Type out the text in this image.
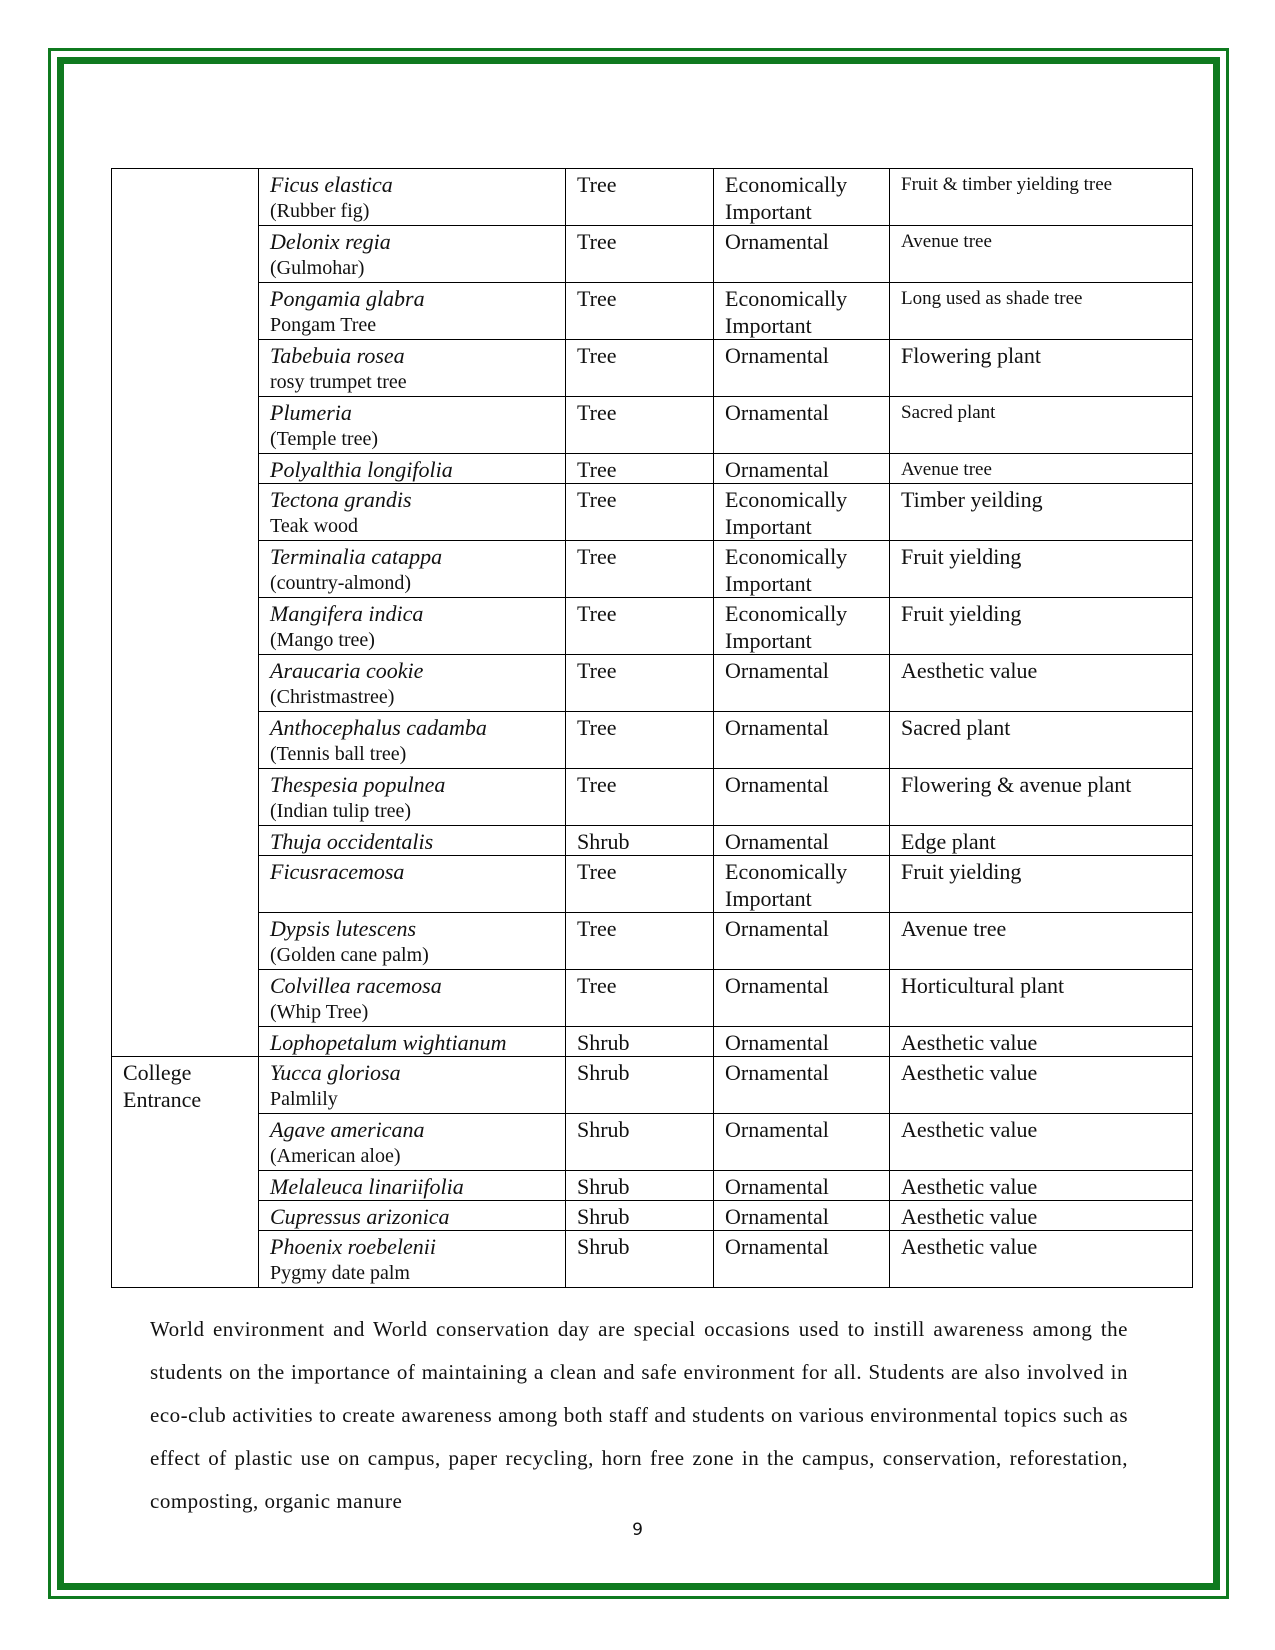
	Ficus elastica
(Rubber fig)	Tree	Economically Important	Fruit & timber yielding tree

	Delonix regia
(Gulmohar)	Tree	Ornamental	Avenue tree

	Pongamia glabra
Pongam Tree	Tree	Economically Important	Long used as shade tree

	Tabebuia rosea
rosy trumpet tree	Tree	Ornamental	Flowering plant

	Plumeria
(Temple tree)	Tree	Ornamental	Sacred plant

	Polyalthia longifolia	Tree	Ornamental	Avenue tree

	Tectona grandis
Teak wood	Tree	Economically Important	Timber yeilding

	Terminalia catappa
(country-almond)	Tree	Economically Important	Fruit yielding

	Mangifera indica
(Mango tree)	Tree	Economically Important	Fruit yielding

	Araucaria cookie
(Christmastree)	Tree	Ornamental	Aesthetic value

	Anthocephalus cadamba
(Tennis ball tree)	Tree	Ornamental	Sacred plant

	Thespesia populnea
(Indian tulip tree)	Tree	Ornamental	Flowering & avenue plant

	Thuja occidentalis	Shrub	Ornamental	Edge plant

	Ficusracemosa	Tree	Economically Important	Fruit yielding

	Dypsis lutescens
(Golden cane palm)	Tree	Ornamental	Avenue tree

	Colvillea racemosa
(Whip Tree)	Tree	Ornamental	Horticultural plant

	Lophopetalum wightianum	Shrub	Ornamental	Aesthetic value
College Entrance	Yucca gloriosa
Palmlily	Shrub	Ornamental	Aesthetic value

	Agave americana
(American aloe)	Shrub	Ornamental	Aesthetic value

	Melaleuca linariifolia	Shrub	Ornamental	Aesthetic value

	Cupressus arizonica	Shrub	Ornamental	Aesthetic value

	Phoenix roebelenii
Pygmy date palm	Shrub	Ornamental	Aesthetic value
World environment and World conservation day are special occasions used to instill awareness among the students on the importance of maintaining a clean and safe environment for all. Students are also involved in eco-club activities to create awareness among both staff and students on various environmental topics such as effect of plastic use on campus, paper recycling, horn free zone in the campus, conservation, reforestation, composting, organic manure
9
